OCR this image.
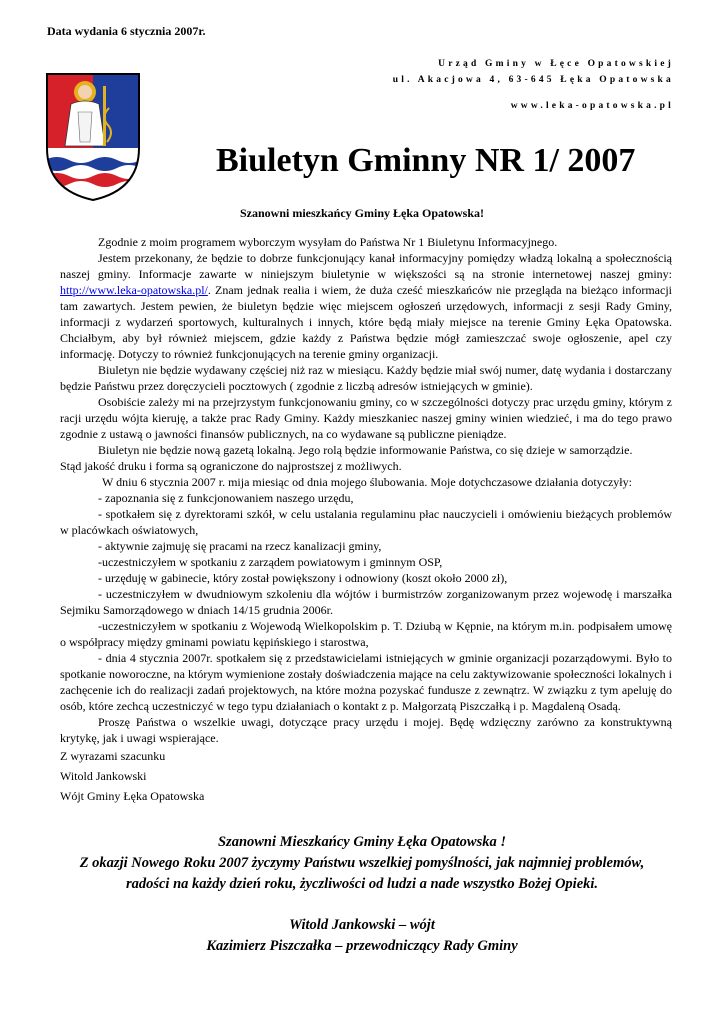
Data wydania 6 stycznia 2007r.
Urząd Gminy w Łęce Opatowskiej
ul. Akacjowa 4, 63-645 Łęka Opatowska
www.leka-opatowska.pl
Biuletyn Gminny NR 1/ 2007
Szanowni mieszkańcy Gminy Łęka Opatowska!

Zgodnie z moim programem wyborczym wysyłam do Państwa Nr 1 Biuletynu Informacyjnego.

Jestem przekonany, że będzie to dobrze funkcjonujący kanał informacyjny pomiędzy władzą lokalną a społecznością naszej gminy. Informacje zawarte w niniejszym biuletynie w większości są na stronie internetowej naszej gminy: http://www.leka-opatowska.pl/. Znam jednak realia i wiem, że duża cześć mieszkańców nie przegląda na bieżąco informacji tam zawartych. Jestem pewien, że biuletyn będzie więc miejscem ogłoszeń urzędowych, informacji z sesji Rady Gminy, informacji z wydarzeń sportowych, kulturalnych i innych, które będą miały miejsce na terenie Gminy Łęka Opatowska. Chciałbym, aby był również miejscem, gdzie każdy z Państwa będzie mógł zamieszczać swoje ogłoszenie, apel czy informację. Dotyczy to również funkcjonujących na terenie gminy organizacji.

Biuletyn nie będzie wydawany częściej niż raz w miesiącu. Każdy będzie miał swój numer, datę wydania i dostarczany będzie Państwu przez doręczycieli pocztowych ( zgodnie z liczbą adresów istniejących w gminie).

Osobiście zależy mi na przejrzystym funkcjonowaniu gminy, co w szczególności dotyczy prac urzędu gminy, którym z racji urzędu wójta kieruję, a także prac Rady Gminy. Każdy mieszkaniec naszej gminy winien wiedzieć, i ma do tego prawo zgodnie z ustawą o jawności finansów publicznych, na co wydawane są publiczne pieniądze.

Biuletyn nie będzie nową gazetą lokalną. Jego rolą będzie informowanie Państwa, co się dzieje w samorządzie.

Stąd jakość druku i forma są ograniczone do najprostszej z możliwych.

W dniu 6 stycznia 2007 r. mija miesiąc od dnia mojego ślubowania. Moje dotychczasowe działania dotyczyły:

- zapoznania się z funkcjonowaniem naszego urzędu,

- spotkałem się z dyrektorami szkół, w celu ustalania regulaminu płac nauczycieli i omówieniu bieżących problemów w placówkach oświatowych,

- aktywnie zajmuję się pracami na rzecz kanalizacji gminy,

-uczestniczyłem w spotkaniu z zarządem powiatowym i gminnym OSP,

- urzęduję w gabinecie, który został powiększony i odnowiony (koszt około 2000 zł),

- uczestniczyłem w dwudniowym szkoleniu dla wójtów i burmistrzów zorganizowanym przez wojewodę i marszałka Sejmiku Samorządowego w dniach 14/15 grudnia 2006r.

-uczestniczyłem w spotkaniu z Wojewodą Wielkopolskim p. T. Dziubą w Kępnie, na którym m.in. podpisałem umowę o współpracy między gminami powiatu kępińskiego i starostwa,

- dnia 4 stycznia 2007r. spotkałem się z przedstawicielami istniejących w gminie organizacji pozarządowymi. Było to spotkanie noworoczne, na którym wymienione zostały doświadczenia mające na celu zaktywizowanie społeczności lokalnych i zachęcenie ich do realizacji zadań projektowych, na które można pozyskać fundusze z zewnątrz. W związku z tym apeluję do osób, które zechcą uczestniczyć w tego typu działaniach o kontakt z p. Małgorzatą Piszczałką i p. Magdaleną Osadą.

Proszę Państwa o wszelkie uwagi, dotyczące pracy urzędu i mojej. Będę wdzięczny zarówno za konstruktywną krytykę, jak i uwagi wspierające.

Z wyrazami szacunku

Witold Jankowski

Wójt Gminy Łęka Opatowska

Szanowni Mieszkańcy Gminy Łęka Opatowska !

Z okazji Nowego Roku 2007 życzymy Państwu wszelkiej pomyślności, jak najmniej problemów,

radości na każdy dzień roku, życzliwości od ludzi a nade wszystko Bożej Opieki.

Witold Jankowski – wójt

Kazimierz Piszczałka – przewodniczący Rady Gminy
